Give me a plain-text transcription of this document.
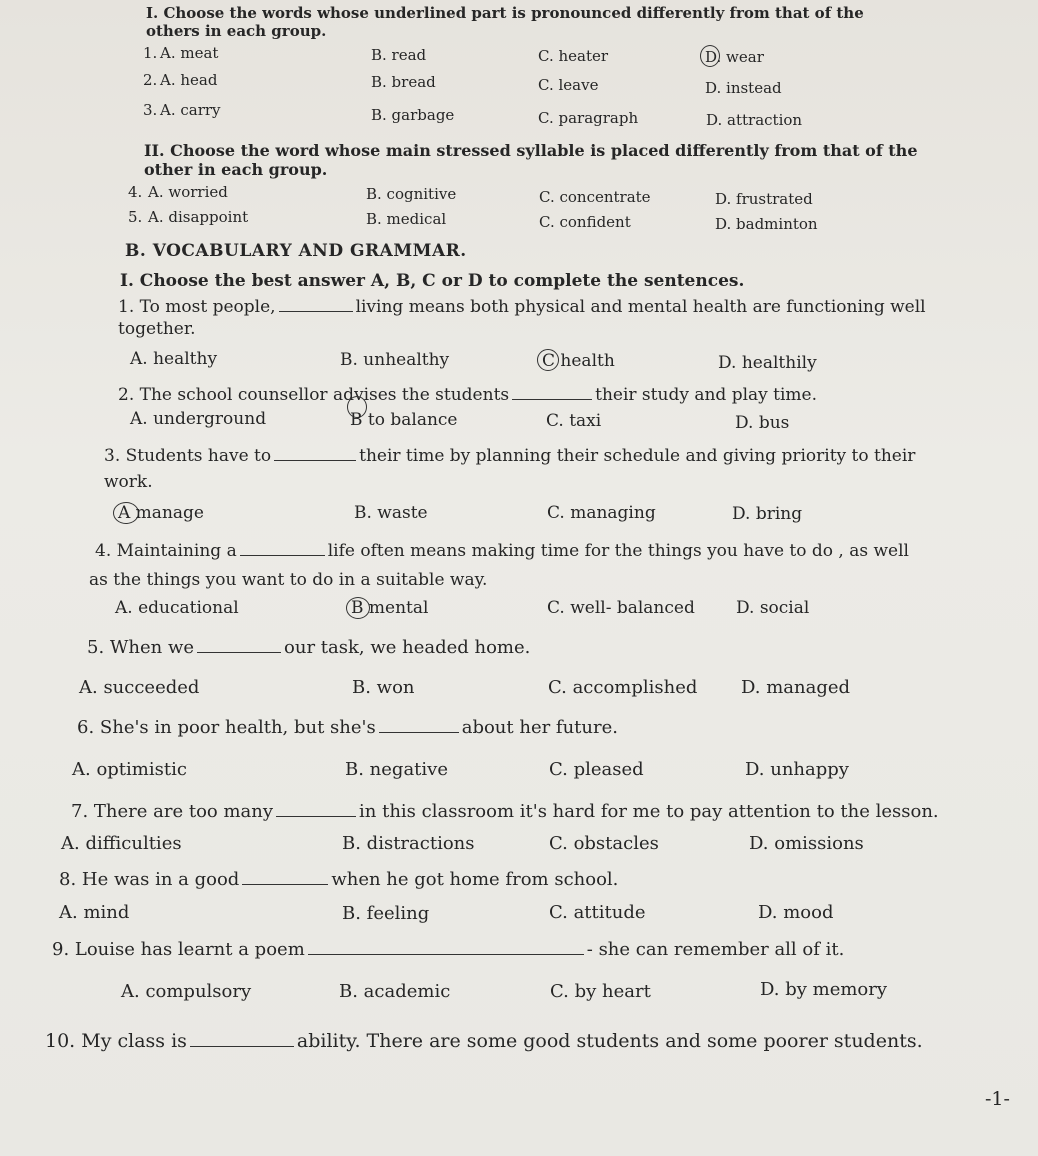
I. Choose the words whose underlined part is pronounced differently from that of the
others in each group.
1. A. meat	B. read	C. heater	D. wear
2. A. head	B. bread	C. leave	D. instead
3. A. carry	B. garbage	C. paragraph	D. attraction
II. Choose the word whose main stressed syllable is placed differently from that of the
other in each group.
4. A. worried	B. cognitive	C. concentrate	D. frustrated
5. A. disappoint	B. medical	C. confident	D. badminton
B. VOCABULARY AND GRAMMAR.
I. Choose the best answer A, B, C or D to complete the sentences.
1. To most people,	living means both physical and mental health are functioning well
together.
A. healthy	B. unhealthy	C health	D. healthily
2. The school counsellor advises the students	their study and play time.
A. underground	B to balance	C. taxi	D. bus
3. Students have to	their time by planning their schedule and giving priority to their
work.
A manage	B. waste	C. managing	D. bring
4. Maintaining a	life often means making time for the things you have to do , as well
as the things you want to do in a suitable way.
A. educational	B mental	C. well- balanced D. social
5. When we	our task, we headed home.
A. succeeded	B. won	C. accomplished D. managed
6. She's in poor health, but she's	about her future.
A. optimistic	B. negative	C. pleased	D. unhappy
7. There are too many	in this classroom it's hard for me to pay attention to the lesson.
A. difficulties	B. distractions	C. obstacles	D. omissions
8. He was in a good	when he got home from school.
A. mind	B. feeling	C. attitude	D. mood
9. Louise has learnt a poem	- she can remember all of it.
A. compulsory	B. academic	C. by heart	D. by memory
10. My class is	ability. There are some good students and some poorer students.
-1-
